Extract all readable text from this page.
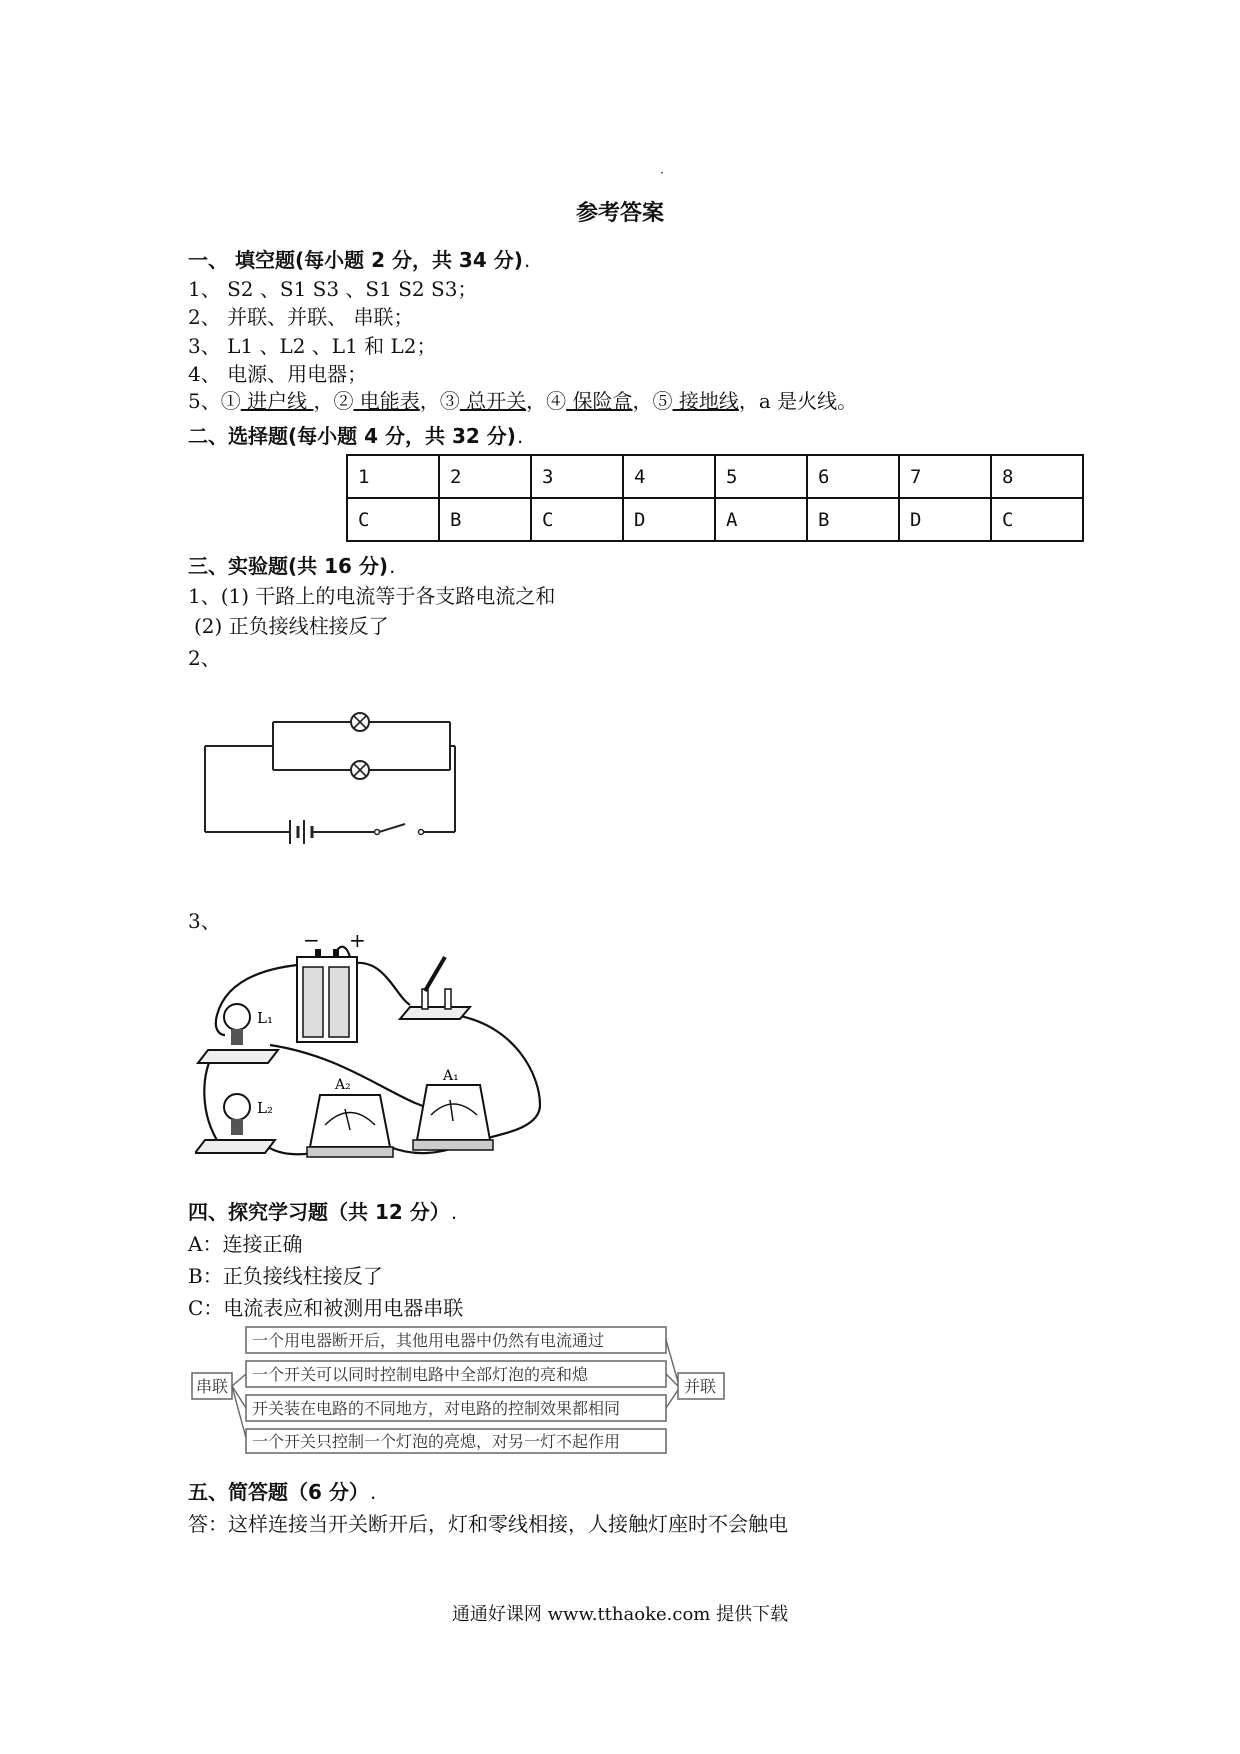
·
参考答案
一、 填空题(每小题 2 分，共 34 分) .
1、 S2 、S1 S3 、S1 S2 S3；
2、 并联、并联、 串联；
3、 L1 、L2 、L1 和 L2；
4、 电源、用电器；
5、① 进户线 ，② 电能表，③ 总开关，④ 保险盒，⑤ 接地线，a 是火线。
二、选择题(每小题 4 分，共 32 分) .
1	2	3	4	5	6	7	8
C	B	C	D	A	B	D	C
三、实验题(共 16 分) .
1、(1) 干路上的电流等于各支路电流之和
(2) 正负接线柱接反了
2、
3、
− +
L₁
L₂
A₂
A₁
四、探究学习题（共 12 分） .
A：连接正确
B：正负接线柱接反了
C：电流表应和被测用电器串联
串联	并联
一个用电器断开后，其他用电器中仍然有电流通过
一个开关可以同时控制电路中全部灯泡的亮和熄
开关装在电路的不同地方，对电路的控制效果都相同
一个开关只控制一个灯泡的亮熄，对另一灯不起作用
五、简答题（6 分） .
答：这样连接当开关断开后，灯和零线相接，人接触灯座时不会触电
通通好课网 www.tthaoke.com 提供下载
